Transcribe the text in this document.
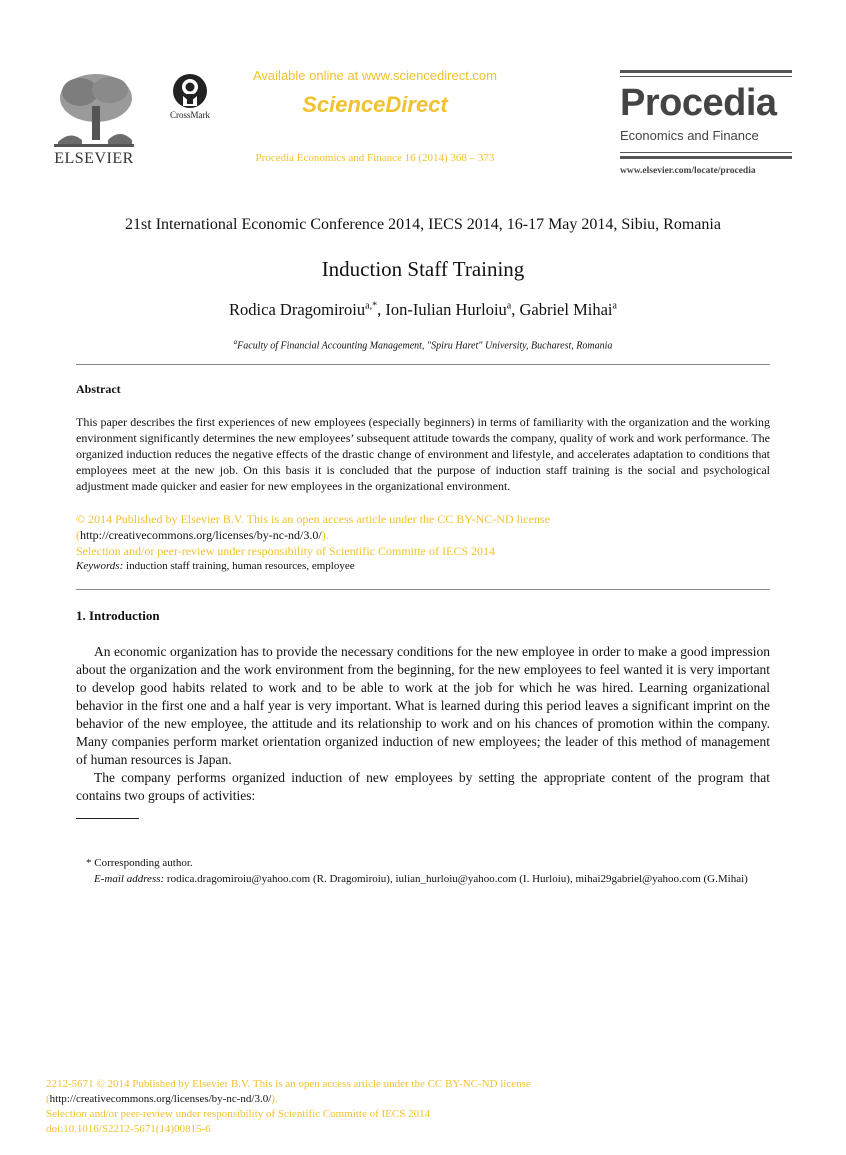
ELSEVIER
CrossMark
Available online at www.sciencedirect.com
ScienceDirect
Procedia Economics and Finance 16 (2014) 368 – 373
Procedia
Economics and Finance
www.elsevier.com/locate/procedia
21st International Economic Conference 2014, IECS 2014, 16-17 May 2014, Sibiu, Romania
Induction Staff Training
Rodica Dragomiroiu$^{a,*}$, Ion-Iulian Hurloiu$^a$, Gabriel Mihai$^a$
$^a$Faculty of Financial Accounting Management, "Spiru Haret" University, Bucharest, Romania
Abstract
This paper describes the first experiences of new employees (especially beginners) in terms of familiarity with the organization and the working environment significantly determines the new employees’ subsequent attitude towards the company, quality of work and work performance. The organized induction reduces the negative effects of the drastic change of environment and lifestyle, and accelerates adaptation to conditions that employees meet at the new job. On this basis it is concluded that the purpose of induction staff training is the social and psychological adjustment made quicker and easier for new employees in the organizational environment.
© 2014 Published by Elsevier B.V. This is an open access article under the CC BY-NC-ND license
(http://creativecommons.org/licenses/by-nc-nd/3.0/).
Selection and/or peer-review under responsibility of Scientific Committe of IECS 2014
Keywords: induction staff training, human resources, employee
1. Introduction
An economic organization has to provide the necessary conditions for the new employee in order to make a good impression about the organization and the work environment from the beginning, for the new employees to feel wanted it is very important to develop good habits related to work and to be able to work at the job for which he was hired. Learning organizational behavior in the first one and a half year is very important. What is learned during this period leaves a significant imprint on the behavior of the new employee, the attitude and its relationship to work and on his chances of promotion within the company. Many companies perform market orientation organized induction of new employees; the leader of this method of management of human resources is Japan.
The company performs organized induction of new employees by setting the appropriate content of the program that contains two groups of activities:
* Corresponding author.
E-mail address: rodica.dragomiroiu@yahoo.com (R. Dragomiroiu), iulian_hurloiu@yahoo.com (I. Hurloiu), mihai29gabriel@yahoo.com (G.Mihai)
2212-5671 © 2014 Published by Elsevier B.V. This is an open access article under the CC BY-NC-ND license
(http://creativecommons.org/licenses/by-nc-nd/3.0/).
Selection and/or peer-review under responsibility of Scientific Committe of IECS 2014
doi:10.1016/S2212-5671(14)00815-6
